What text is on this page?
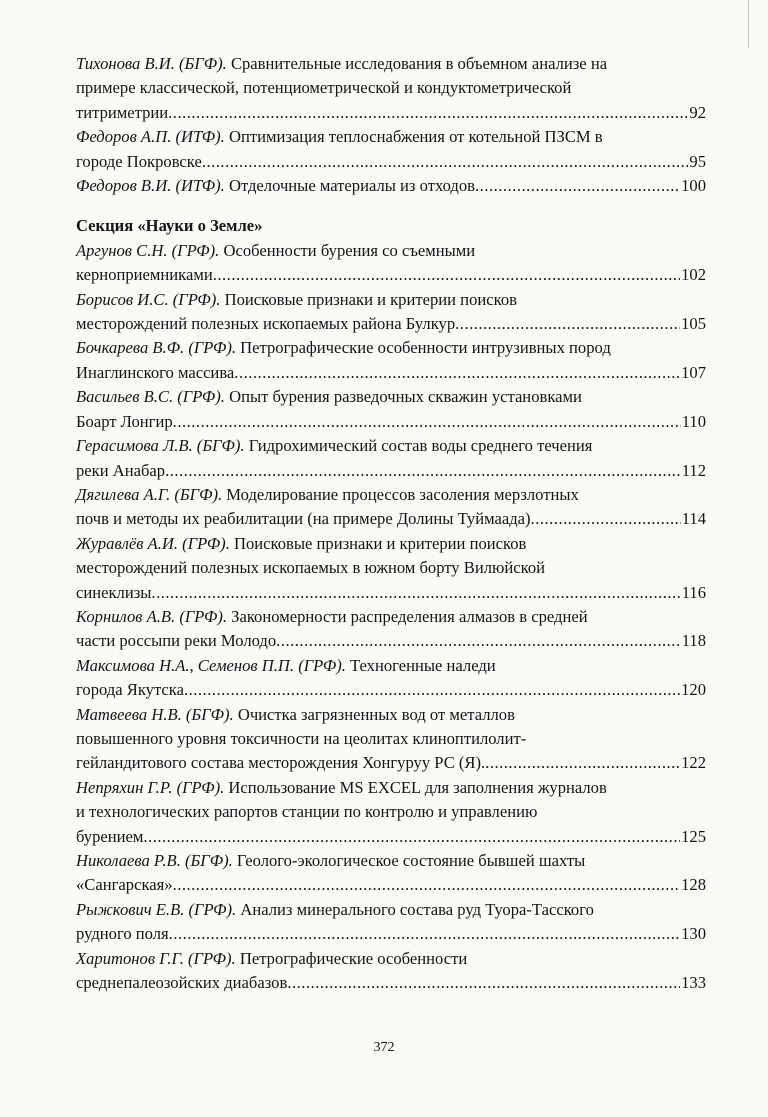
Тихонова В.И. (БГФ).
Сравнительные исследования в объемном анализе на
примере классической, потенциометрической и кондуктометрической
титриметрии .....	92
Федоров А.П. (ИТФ).
Оптимизация теплоснабжения от котельной ПЗСМ в
городе Покровске .....	95
Федоров В.И. (ИТФ).
Отделочные материалы из отходов .....	100
Секция «Науки о Земле»
Аргунов С.Н. (ГРФ).
Особенности бурения со съемными
керноприемниками .....	102
Борисов И.С. (ГРФ).
Поисковые признаки и критерии поисков
месторождений полезных ископаемых района Булкур .....	105
Бочкарева В.Ф. (ГРФ).
Петрографические особенности интрузивных пород
Инаглинского массива .....	107
Васильев В.С. (ГРФ).
Опыт бурения разведочных скважин установками
Боарт Лонгир .....	110
Герасимова Л.В. (БГФ).
Гидрохимический состав воды среднего течения
реки Анабар .....	112
Дягилева А.Г. (БГФ).
Моделирование процессов засоления мерзлотных
почв и методы их реабилитации (на примере Долины Туймаада) .....	114
Журавлёв А.И. (ГРФ).
Поисковые признаки и критерии поисков
месторождений полезных ископаемых в южном борту Вилюйской
синеклизы .....	116
Корнилов А.В. (ГРФ).
Закономерности распределения алмазов в средней
части россыпи реки Молодо .....	118
Максимова Н.А., Семенов П.П. (ГРФ).
Техногенные наледи
города Якутска .....	120
Матвеева Н.В. (БГФ).
Очистка загрязненных вод от металлов
повышенного уровня токсичности на цеолитах клиноптилолит-
гейландитового состава месторождения Хонгуруу РС (Я). .....	122
Непряхин Г.Р. (ГРФ).
Использование MS EXCEL для заполнения журналов
и технологических рапортов станции по контролю и управлению
бурением .....	125
Николаева Р.В. (БГФ).
Геолого-экологическое состояние бывшей шахты
«Сангарская» .....	128
Рыжкович Е.В. (ГРФ).
Анализ минерального состава руд Туора-Тасского
рудного поля .....	130
Харитонов Г.Г. (ГРФ).
Петрографические особенности
среднепалеозойских диабазов .....	133
372
